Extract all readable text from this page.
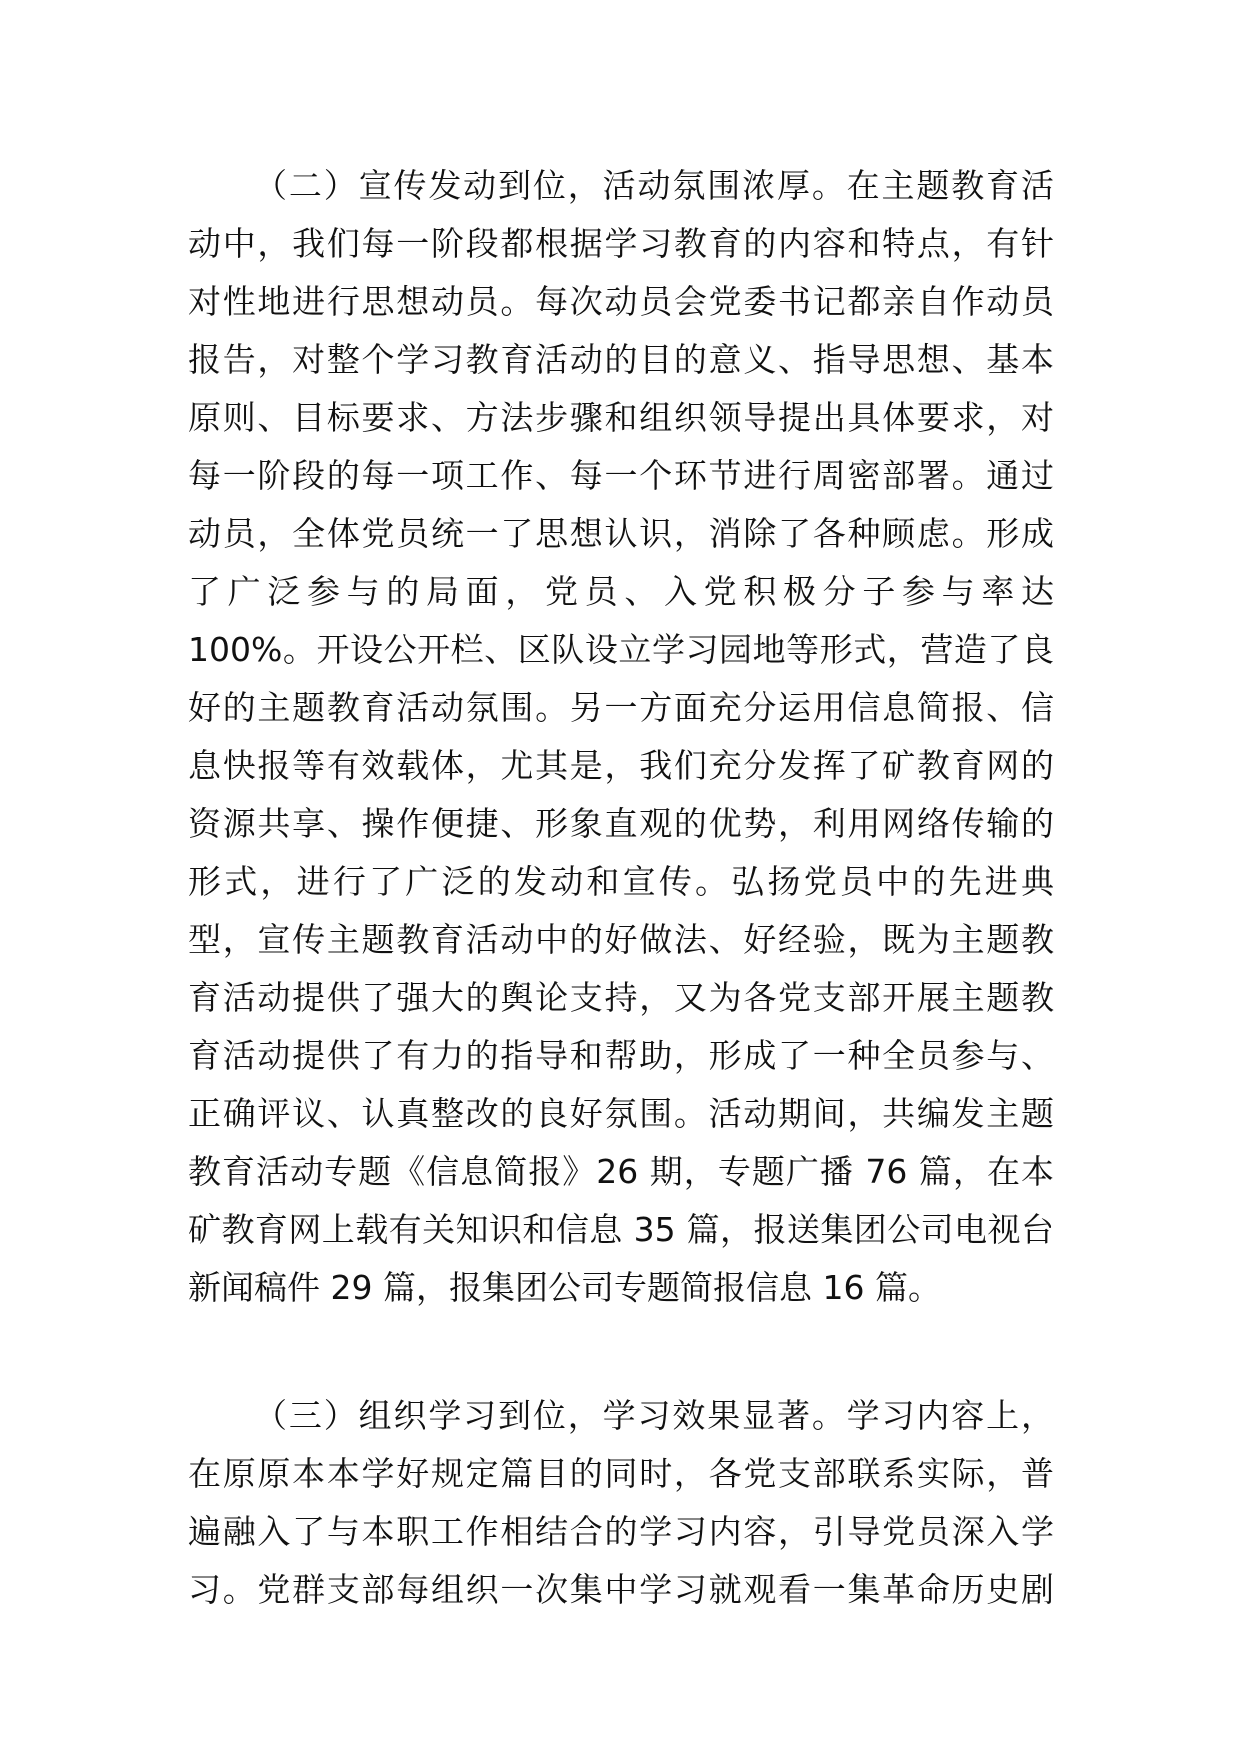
（二）宣传发动到位，活动氛围浓厚。在主题教育活
动中，我们每一阶段都根据学习教育的内容和特点，有针
对性地进行思想动员。每次动员会党委书记都亲自作动员
报告，对整个学习教育活动的目的意义、指导思想、基本
原则、目标要求、方法步骤和组织领导提出具体要求，对
每一阶段的每一项工作、每一个环节进行周密部署。通过
动员，全体党员统一了思想认识，消除了各种顾虑。形成
了广泛参与的局面，党员、入党积极分子参与率达
100%。开设公开栏、区队设立学习园地等形式，营造了良
好的主题教育活动氛围。另一方面充分运用信息简报、信
息快报等有效载体，尤其是，我们充分发挥了矿教育网的
资源共享、操作便捷、形象直观的优势，利用网络传输的
形式，进行了广泛的发动和宣传。弘扬党员中的先进典
型，宣传主题教育活动中的好做法、好经验，既为主题教
育活动提供了强大的舆论支持，又为各党支部开展主题教
育活动提供了有力的指导和帮助，形成了一种全员参与、
正确评议、认真整改的良好氛围。活动期间，共编发主题
教育活动专题《信息简报》26 期，专题广播 76 篇，在本
矿教育网上载有关知识和信息 35 篇，报送集团公司电视台
新闻稿件 29 篇，报集团公司专题简报信息 16 篇。
（三）组织学习到位，学习效果显著。学习内容上，
在原原本本学好规定篇目的同时，各党支部联系实际，普
遍融入了与本职工作相结合的学习内容，引导党员深入学
习。党群支部每组织一次集中学习就观看一集革命历史剧
